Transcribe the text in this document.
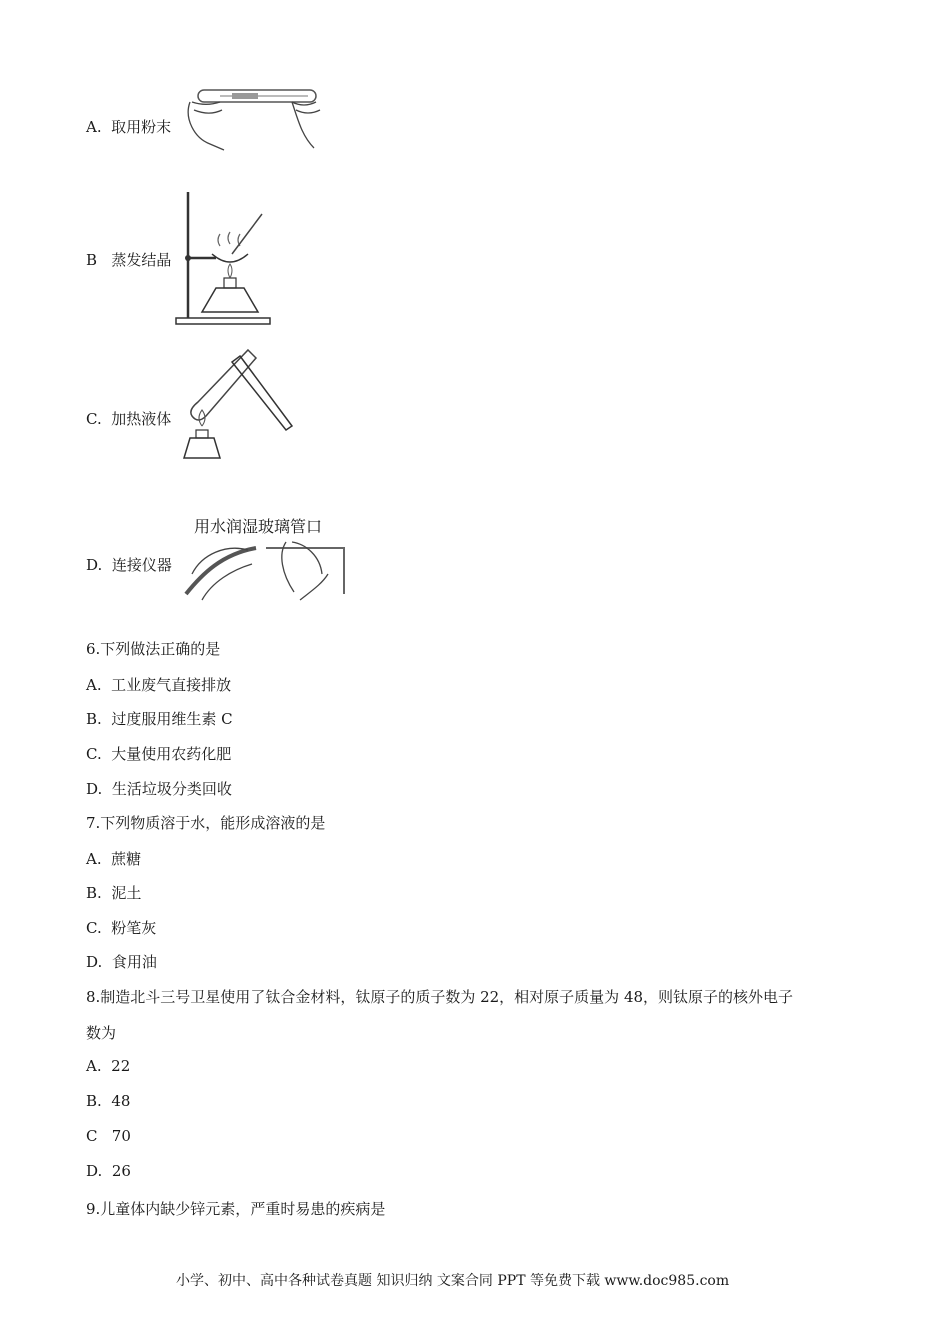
A. 取用粉末
B 蒸发结晶
C. 加热液体
用水润湿玻璃管口
D. 连接仪器
6.下列做法正确的是
A. 工业废气直接排放
B. 过度服用维生素 C
C. 大量使用农药化肥
D. 生活垃圾分类回收
7.下列物质溶于水，能形成溶液的是
A. 蔗糖
B. 泥土
C. 粉笔灰
D. 食用油
8.制造北斗三号卫星使用了钛合金材料，钛原子的质子数为 22，相对原子质量为 48，则钛原子的核外电子
数为
A. 22
B. 48
C 70
D. 26
9.儿童体内缺少锌元素，严重时易患的疾病是
小学、初中、高中各种试卷真题 知识归纳 文案合同 PPT 等免费下载 www.doc985.com
